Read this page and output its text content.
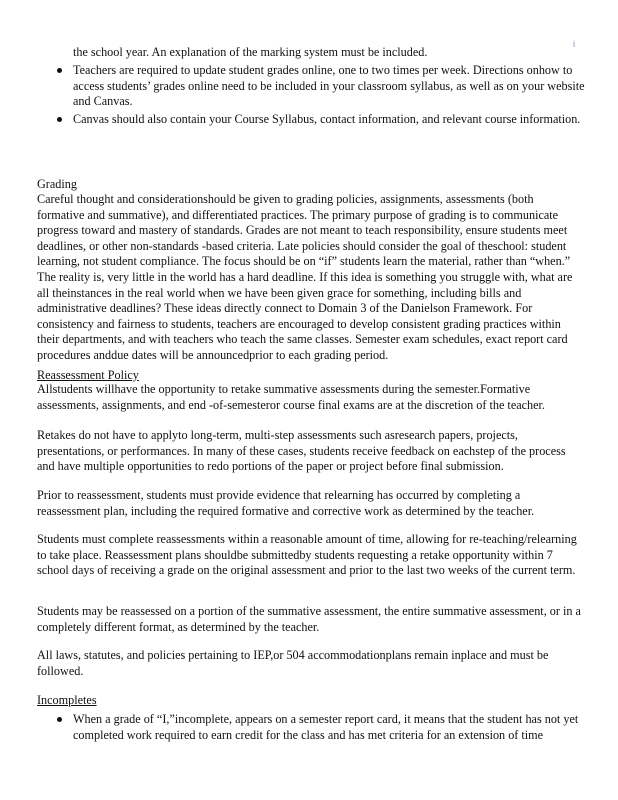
i
the school year. An explanation of the marking system must be included.
Teachers are required to update student grades online, one to two times per week. Directions onhow to access students’ grades online need to be included in your classroom syllabus, as well as on your website and Canvas.
Canvas should also contain your Course Syllabus, contact information, and relevant course information.
Grading

Careful thought and considerationshould be given to grading policies, assignments, assessments (both formative and summative), and differentiated practices. The primary purpose of grading is to communicate progress toward and mastery of standards. Grades are not meant to teach responsibility, ensure students meet deadlines, or other non-standards -based criteria. Late policies should consider the goal of theschool: student learning, not student compliance. The focus should be on “if” students learn the material, rather than “when.” The reality is, very little in the world has a hard deadline. If this idea is something you struggle with, what are all theinstances in the real world when we have been given grace for something, including bills and administrative deadlines? These ideas directly connect to Domain 3 of the Danielson Framework. For consistency and fairness to students, teachers are encouraged to develop consistent grading practices within their departments, and with teachers who teach the same classes. Semester exam schedules, exact report card procedures anddue dates will be announcedprior to each grading period.

Reassessment Policy

Allstudents willhave the opportunity to retake summative assessments during the semester.Formative assessments, assignments, and end -of-semesteror course final exams are at the discretion of the teacher.

Retakes do not have to applyto long-term, multi-step assessments such asresearch papers, projects, presentations, or performances. In many of these cases, students receive feedback on eachstep of the process and have multiple opportunities to redo portions of the paper or project before final submission.

Prior to reassessment, students must provide evidence that relearning has occurred by completing a reassessment plan, including the required formative and corrective work as determined by the teacher.

Students must complete reassessments within a reasonable amount of time, allowing for re-teaching/relearning to take place. Reassessment plans shouldbe submittedby students requesting a retake opportunity within 7 school days of receiving a grade on the original assessment and prior to the last two weeks of the current term.

Students may be reassessed on a portion of the summative assessment, the entire summative assessment, or in a completely different format, as determined by the teacher.

All laws, statutes, and policies pertaining to IEP,or 504 accommodationplans remain inplace and must be followed.

Incompletes
When a grade of “I,”incomplete, appears on a semester report card, it means that the student has not yet completed work required to earn credit for the class and has met criteria for an extension of time
